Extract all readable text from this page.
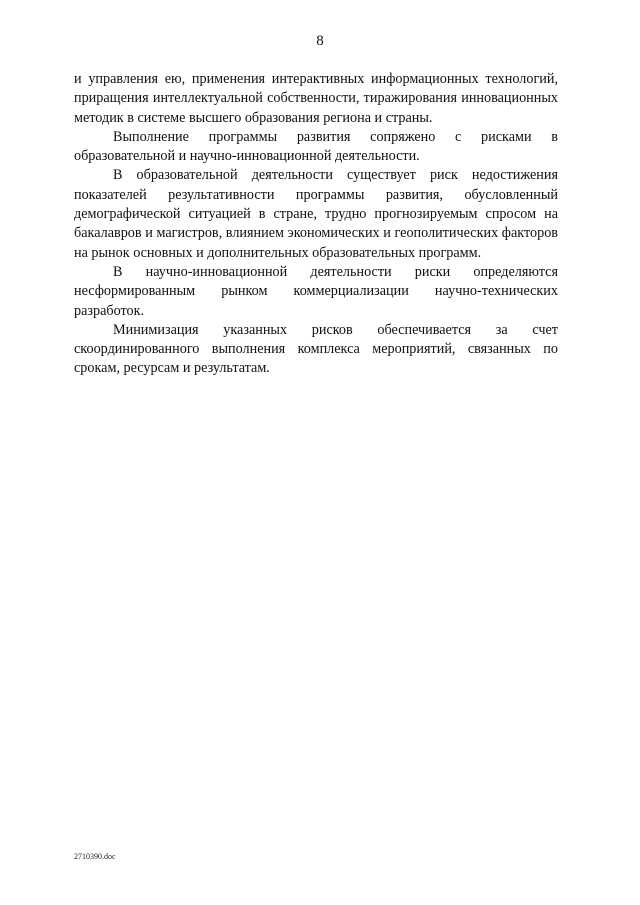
8

и управления ею, применения интерактивных информационных технологий, приращения интеллектуальной собственности, тиражирования инновационных методик в системе высшего образования региона и страны.

Выполнение программы развития сопряжено с рисками в образовательной и научно-инновационной деятельности.

В образовательной деятельности существует риск недостижения показателей результативности программы развития, обусловленный демографической ситуацией в стране, трудно прогнозируемым спросом на бакалавров и магистров, влиянием экономических и геополитических факторов на рынок основных и дополнительных образовательных программ.

В научно-инновационной деятельности риски определяются несформированным рынком коммерциализации научно-технических разработок.

Минимизация указанных рисков обеспечивается за счет скоординированного выполнения комплекса мероприятий, связанных по срокам, ресурсам и результатам.

2710390.doc
